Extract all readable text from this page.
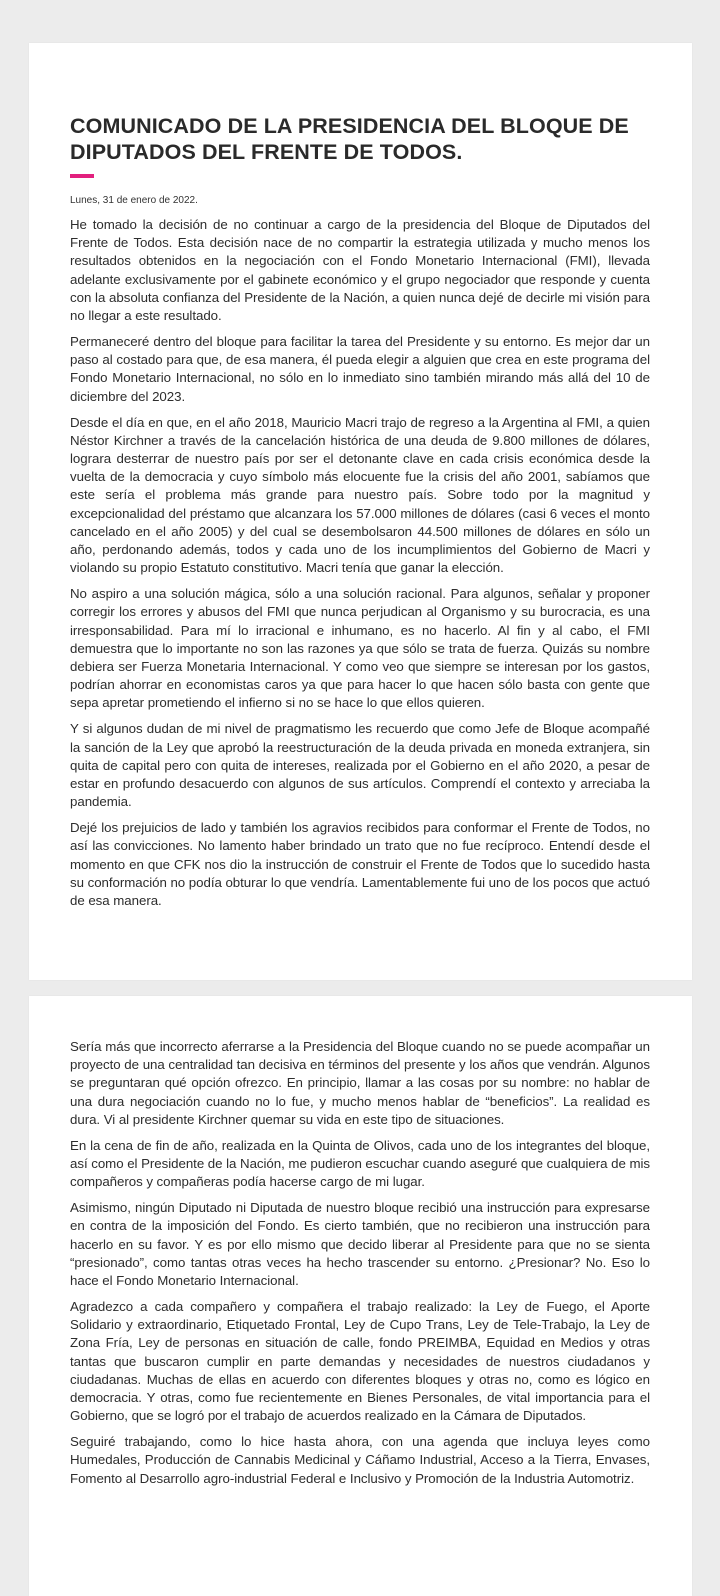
COMUNICADO DE LA PRESIDENCIA DEL BLOQUE DE DIPUTADOS DEL FRENTE DE TODOS.

Lunes, 31 de enero de 2022.

He tomado la decisión de no continuar a cargo de la presidencia del Bloque de Diputados del Frente de Todos. Esta decisión nace de no compartir la estrategia utilizada y mucho menos los resultados obtenidos en la negociación con el Fondo Monetario Internacional (FMI), llevada adelante exclusivamente por el gabinete económico y el grupo negociador que responde y cuenta con la absoluta confianza del Presidente de la Nación, a quien nunca dejé de decirle mi visión para no llegar a este resultado.

Permaneceré dentro del bloque para facilitar la tarea del Presidente y su entorno. Es mejor dar un paso al costado para que, de esa manera, él pueda elegir a alguien que crea en este programa del Fondo Monetario Internacional, no sólo en lo inmediato sino también mirando más allá del 10 de diciembre del 2023.

Desde el día en que, en el año 2018, Mauricio Macri trajo de regreso a la Argentina al FMI, a quien Néstor Kirchner a través de la cancelación histórica de una deuda de 9.800 millones de dólares, lograra desterrar de nuestro país por ser el detonante clave en cada crisis económica desde la vuelta de la democracia y cuyo símbolo más elocuente fue la crisis del año 2001, sabíamos que este sería el problema más grande para nuestro país. Sobre todo por la magnitud y excepcionalidad del préstamo que alcanzara los 57.000 millones de dólares (casi 6 veces el monto cancelado en el año 2005) y del cual se desembolsaron 44.500 millones de dólares en sólo un año, perdonando además, todos y cada uno de los incumplimientos del Gobierno de Macri y violando su propio Estatuto constitutivo. Macri tenía que ganar la elección.

No aspiro a una solución mágica, sólo a una solución racional. Para algunos, señalar y proponer corregir los errores y abusos del FMI que nunca perjudican al Organismo y su burocracia, es una irresponsabilidad. Para mí lo irracional e inhumano, es no hacerlo. Al fin y al cabo, el FMI demuestra que lo importante no son las razones ya que sólo se trata de fuerza. Quizás su nombre debiera ser Fuerza Monetaria Internacional. Y como veo que siempre se interesan por los gastos, podrían ahorrar en economistas caros ya que para hacer lo que hacen sólo basta con gente que sepa apretar prometiendo el infierno si no se hace lo que ellos quieren.

Y si algunos dudan de mi nivel de pragmatismo les recuerdo que como Jefe de Bloque acompañé la sanción de la Ley que aprobó la reestructuración de la deuda privada en moneda extranjera, sin quita de capital pero con quita de intereses, realizada por el Gobierno en el año 2020, a pesar de estar en profundo desacuerdo con algunos de sus artículos. Comprendí el contexto y arreciaba la pandemia.

Dejé los prejuicios de lado y también los agravios recibidos para conformar el Frente de Todos, no así las convicciones. No lamento haber brindado un trato que no fue recíproco. Entendí desde el momento en que CFK nos dio la instrucción de construir el Frente de Todos que lo sucedido hasta su conformación no podía obturar lo que vendría. Lamentablemente fui uno de los pocos que actuó de esa manera.

Sería más que incorrecto aferrarse a la Presidencia del Bloque cuando no se puede acompañar un proyecto de una centralidad tan decisiva en términos del presente y los años que vendrán. Algunos se preguntaran qué opción ofrezco. En principio, llamar a las cosas por su nombre: no hablar de una dura negociación cuando no lo fue, y mucho menos hablar de “beneficios”. La realidad es dura. Vi al presidente Kirchner quemar su vida en este tipo de situaciones.

En la cena de fin de año, realizada en la Quinta de Olivos, cada uno de los integrantes del bloque, así como el Presidente de la Nación, me pudieron escuchar cuando aseguré que cualquiera de mis compañeros y compañeras podía hacerse cargo de mi lugar.

Asimismo, ningún Diputado ni Diputada de nuestro bloque recibió una instrucción para expresarse en contra de la imposición del Fondo. Es cierto también, que no recibieron una instrucción para hacerlo en su favor. Y es por ello mismo que decido liberar al Presidente para que no se sienta “presionado”, como tantas otras veces ha hecho trascender su entorno. ¿Presionar? No. Eso lo hace el Fondo Monetario Internacional.

Agradezco a cada compañero y compañera el trabajo realizado: la Ley de Fuego, el Aporte Solidario y extraordinario, Etiquetado Frontal, Ley de Cupo Trans, Ley de Tele-Trabajo, la Ley de Zona Fría, Ley de personas en situación de calle, fondo PREIMBA, Equidad en Medios y otras tantas que buscaron cumplir en parte demandas y necesidades de nuestros ciudadanos y ciudadanas. Muchas de ellas en acuerdo con diferentes bloques y otras no, como es lógico en democracia. Y otras, como fue recientemente en Bienes Personales, de vital importancia para el Gobierno, que se logró por el trabajo de acuerdos realizado en la Cámara de Diputados.

Seguiré trabajando, como lo hice hasta ahora, con una agenda que incluya leyes como Humedales, Producción de Cannabis Medicinal y Cáñamo Industrial, Acceso a la Tierra, Envases, Fomento al Desarrollo agro-industrial Federal e Inclusivo y Promoción de la Industria Automotriz.
